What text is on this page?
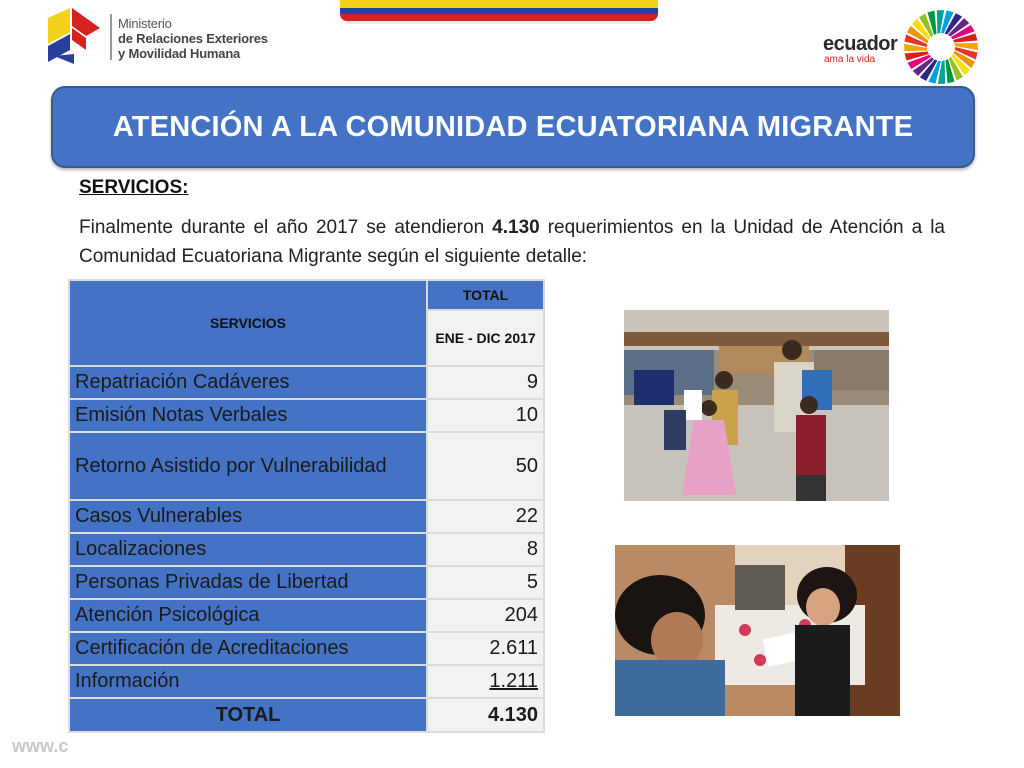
Ministerio
de Relaciones Exteriores
y Movilidad Humana	ecuador
ama la vida
ATENCIÓN A LA COMUNIDAD ECUATORIANA MIGRANTE
SERVICIOS:
Finalmente durante el año 2017 se atendieron 4.130 requerimientos en la Unidad de Atención a la Comunidad Ecuatoriana Migrante según el siguiente detalle:
SERVICIOS	TOTAL
	ENE - DIC 2017
Repatriación Cadáveres	9
Emisión Notas Verbales	10
Retorno Asistido por Vulnerabilidad	50
Casos Vulnerables	22
Localizaciones	8
Personas Privadas de Libertad	5
Atención Psicológica	204
Certificación de Acreditaciones	2.611
Información	1.211
TOTAL	4.130
www.c
